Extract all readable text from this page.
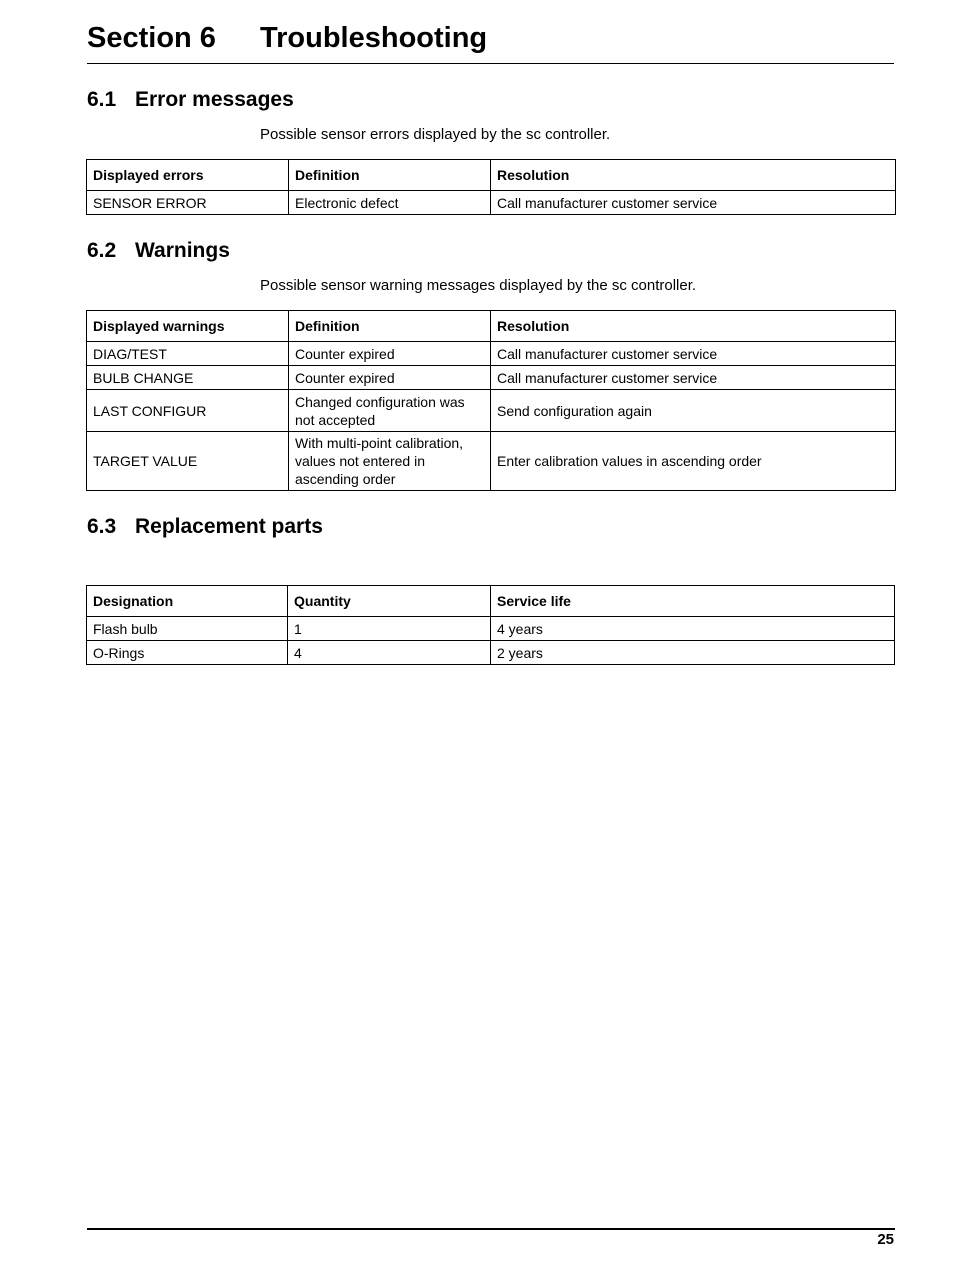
Section 6 Troubleshooting
6.1 Error messages
Possible sensor errors displayed by the sc controller.
Displayed errors	Definition	Resolution
SENSOR ERROR	Electronic defect	Call manufacturer customer service
6.2 Warnings
Possible sensor warning messages displayed by the sc controller.
Displayed warnings	Definition	Resolution
DIAG/TEST	Counter expired	Call manufacturer customer service
BULB CHANGE	Counter expired	Call manufacturer customer service
LAST CONFIGUR	Changed configuration was not accepted	Send configuration again
TARGET VALUE	With multi-point calibration, values not entered in ascending order	Enter calibration values in ascending order
6.3 Replacement parts
Designation	Quantity	Service life
Flash bulb	1	4 years
O-Rings	4	2 years
25
